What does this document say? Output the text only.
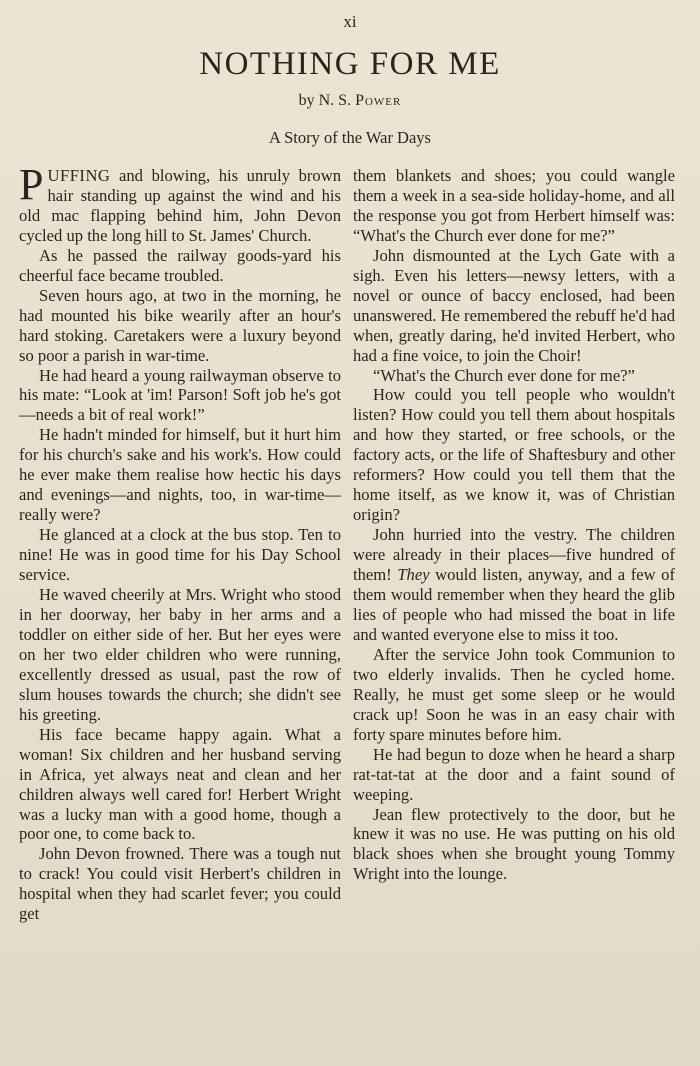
xi
NOTHING FOR ME
by N. S. Power
A Story of the War Days

PUFFING and blowing, his unruly brown hair standing up against the wind and his old mac flapping behind him, John Devon cycled up the long hill to St. James' Church.

As he passed the railway goods-yard his cheerful face became troubled.

Seven hours ago, at two in the morning, he had mounted his bike wearily after an hour's hard stoking. Caretakers were a luxury beyond so poor a parish in war-time.

He had heard a young railwayman observe to his mate: “Look at 'im! Parson! Soft job he's got—needs a bit of real work!”

He hadn't minded for himself, but it hurt him for his church's sake and his work's. How could he ever make them realise how hectic his days and evenings—and nights, too, in war-time—really were?

He glanced at a clock at the bus stop. Ten to nine! He was in good time for his Day School service.

He waved cheerily at Mrs. Wright who stood in her doorway, her baby in her arms and a toddler on either side of her. But her eyes were on her two elder children who were running, excellently dressed as usual, past the row of slum houses towards the church; she didn't see his greeting.

His face became happy again. What a woman! Six children and her husband serving in Africa, yet always neat and clean and her children always well cared for! Herbert Wright was a lucky man with a good home, though a poor one, to come back to.

John Devon frowned. There was a tough nut to crack! You could visit Herbert's children in hospital when they had scarlet fever; you could get

them blankets and shoes; you could wangle them a week in a sea-side holiday-home, and all the response you got from Herbert himself was: “What's the Church ever done for me?”

John dismounted at the Lych Gate with a sigh. Even his letters—newsy letters, with a novel or ounce of baccy enclosed, had been unanswered. He remembered the rebuff he'd had when, greatly daring, he'd invited Herbert, who had a fine voice, to join the Choir!

“What's the Church ever done for me?”

How could you tell people who wouldn't listen? How could you tell them about hospitals and how they started, or free schools, or the factory acts, or the life of Shaftesbury and other reformers? How could you tell them that the home itself, as we know it, was of Christian origin?

John hurried into the vestry. The children were already in their places—five hundred of them! They would listen, anyway, and a few of them would remember when they heard the glib lies of people who had missed the boat in life and wanted everyone else to miss it too.

After the service John took Communion to two elderly invalids. Then he cycled home. Really, he must get some sleep or he would crack up! Soon he was in an easy chair with forty spare minutes before him.

He had begun to doze when he heard a sharp rat-tat-tat at the door and a faint sound of weeping.

Jean flew protectively to the door, but he knew it was no use. He was putting on his old black shoes when she brought young Tommy Wright into the lounge.
